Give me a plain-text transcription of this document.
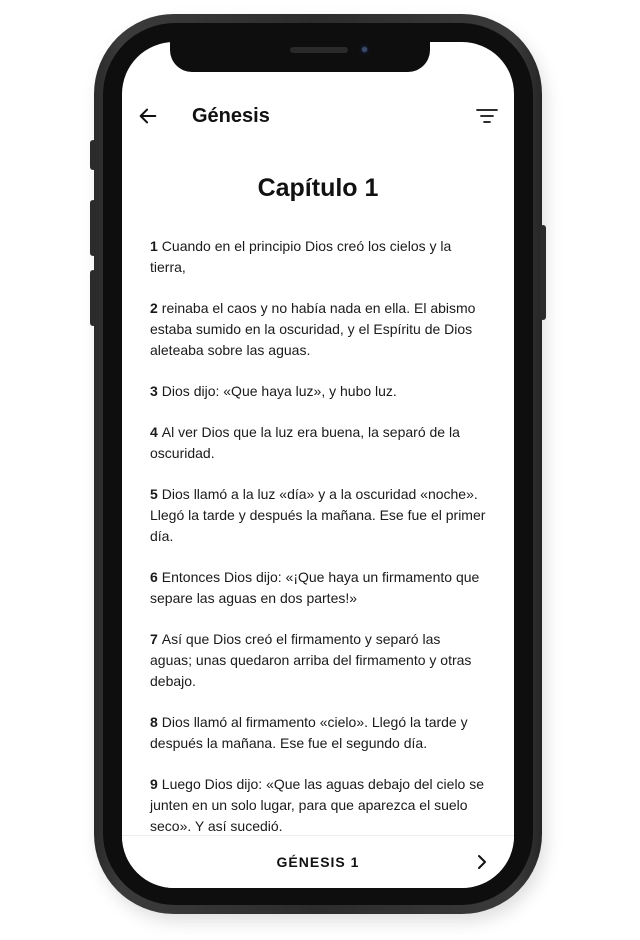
Génesis
Capítulo 1

1 Cuando en el principio Dios creó los cielos y la tierra,

2 reinaba el caos y no había nada en ella. El abismo estaba sumido en la oscuridad, y el Espíritu de Dios aleteaba sobre las aguas.

3 Dios dijo: «Que haya luz», y hubo luz.

4 Al ver Dios que la luz era buena, la separó de la oscuridad.

5 Dios llamó a la luz «día» y a la oscuridad «noche». Llegó la tarde y después la mañana. Ese fue el primer día.

6 Entonces Dios dijo: «¡Que haya un firmamento que separe las aguas en dos partes!»

7 Así que Dios creó el firmamento y separó las aguas; unas quedaron arriba del firmamento y otras debajo.

8 Dios llamó al firmamento «cielo». Llegó la tarde y después la mañana. Ese fue el segundo día.

9 Luego Dios dijo: «Que las aguas debajo del cielo se junten en un solo lugar, para que aparezca el suelo seco». Y así sucedió.

GÉNESIS 1
